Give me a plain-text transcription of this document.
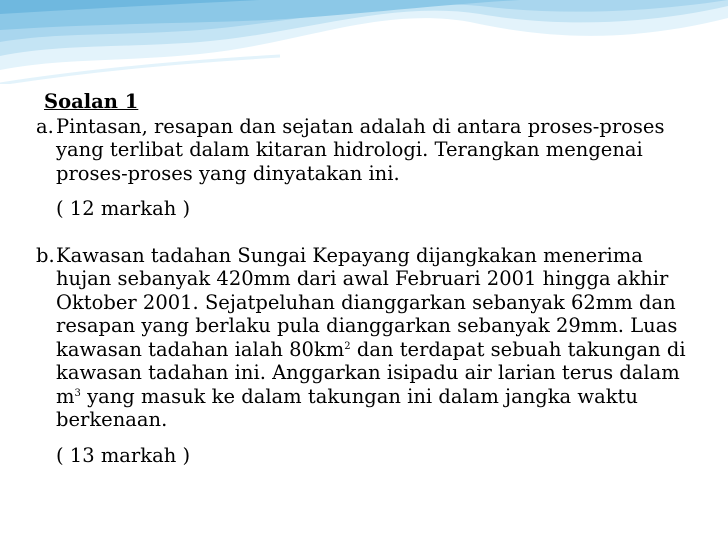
Soalan 1
a. Pintasan, resapan dan sejatan adalah di antara proses-proses yang terlibat dalam kitaran hidrologi. Terangkan mengenai proses-proses yang dinyatakan ini.
( 12 markah )
b. Kawasan tadahan Sungai Kepayang dijangkakan menerima hujan sebanyak 420mm dari awal Februari 2001 hingga akhir Oktober 2001. Sejatpeluhan dianggarkan sebanyak 62mm dan resapan yang berlaku pula dianggarkan sebanyak 29mm. Luas kawasan tadahan ialah $80km^2$ dan terdapat sebuah takungan di kawasan tadahan ini. Anggarkan isipadu air larian terus dalam $m^3$ yang masuk ke dalam takungan ini dalam jangka waktu berkenaan.
( 13 markah )
